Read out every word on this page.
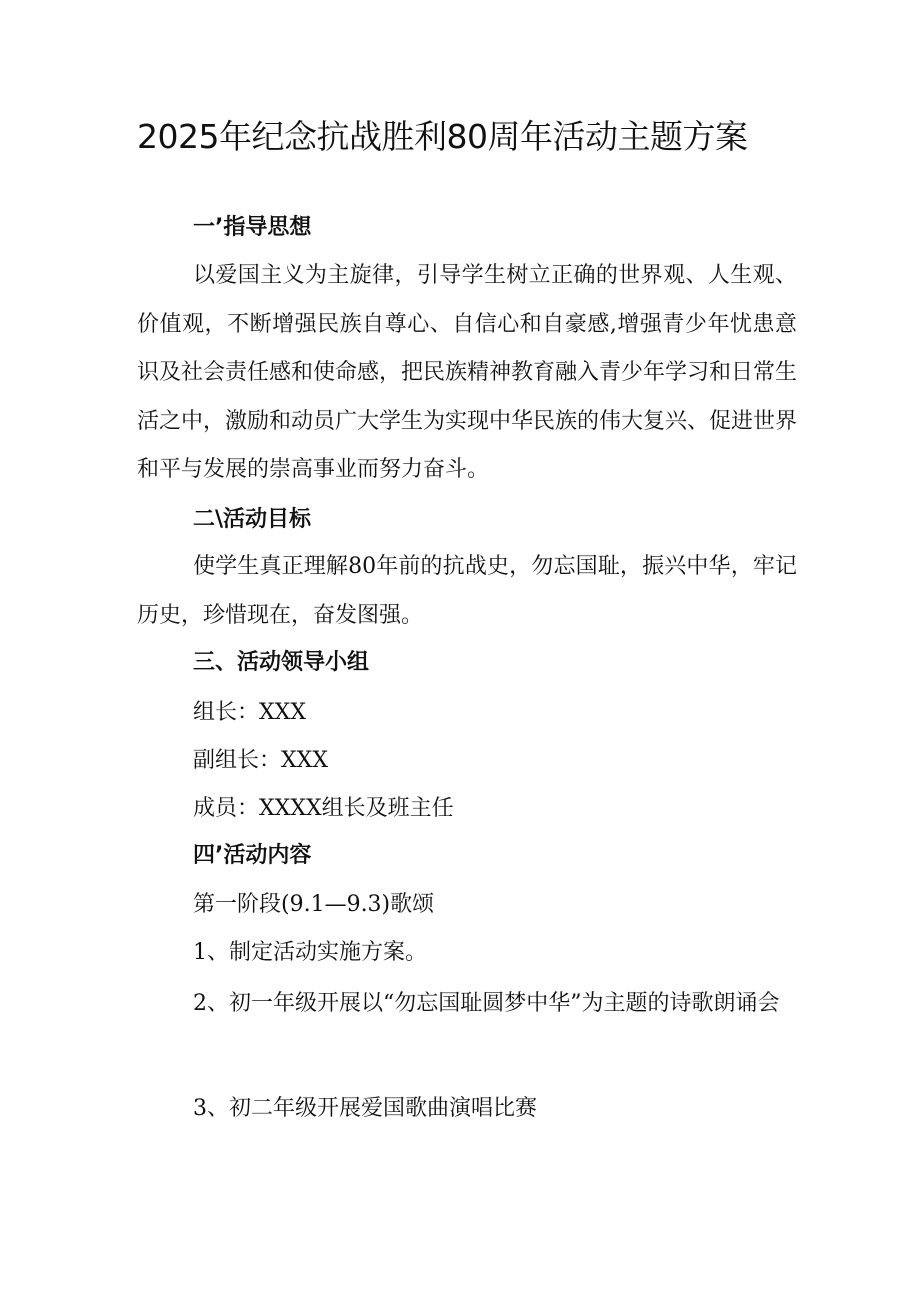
2025年纪念抗战胜利80周年活动主题方案
一’指导思想
以爱国主义为主旋律，引导学生树立正确的世界观、人生观、价值观，不断增强民族自尊心、自信心和自豪感,增强青少年忧患意识及社会责任感和使命感，把民族精神教育融入青少年学习和日常生活之中，激励和动员广大学生为实现中华民族的伟大复兴、促进世界和平与发展的崇高事业而努力奋斗。
二\活动目标
使学生真正理解80年前的抗战史，勿忘国耻，振兴中华，牢记历史，珍惜现在，奋发图强。
三、活动领导小组
组长：XXX
副组长：XXX
成员：XXXX组长及班主任
四’活动内容
第一阶段(9.1—9.3)歌颂
1、制定活动实施方案。
2、初一年级开展以“勿忘国耻圆梦中华”为主题的诗歌朗诵会
3、初二年级开展爱国歌曲演唱比赛
